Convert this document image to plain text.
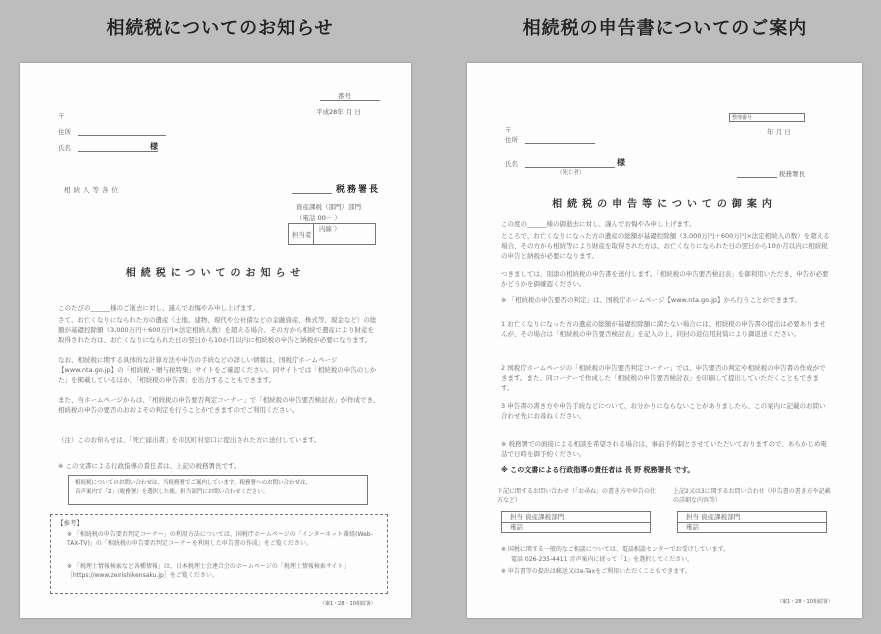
相続税についてのお知らせ	相続税の申告書についてのご案内
番号
平成28年 月 日
〒
住所
氏名	様
相続人等各位	税務署長
資産課税（部門）部門
（電話 00－ ）
担当者
内線 ）
相続税についてのお知らせ
このたびの______様のご逝去に対し、謹んでお悔やみ申し上げます。
さて、お亡くなりになられた方の遺産（土地、建物、現代や公社債などの金融資産、株式等、現金など）の総額が基礎控除額（3,000万円＋600万円×法定相続人数）を超える場合、その方から相続で遺産により財産を取得された方は、お亡くなりになられた日の翌日から10か月以内に相続税の申告と納税が必要になります。
なお、相続税に関する具体的な計算方法や申告の手続などの詳しい情報は、国税庁ホームページ【www.nta.go.jp】の「相続税・贈与税特集」サイトをご確認ください。同サイトでは「相続税の申告のしかた」を掲載しているほか、「相続税の申告書」を出力することもできます。
また、当ホームページからは、「相続税の申告要否判定コーナー」で「相続税の申告要否検討表」が作成でき、相続税の申告の要否のおおよその判定を行うことができますのでご利用ください。
（注）このお知らせは、「死亡届出書」を市区町村窓口に提出された方に送付しています。
※ この文書による行政指導の責任者は、上記の税務署長です。
相続税についてのお問い合わせは、当税務署でご案内しています。税務署へのお問い合わせは、
音声案内で「2」（税務署）を選択した後、担当部門にお問い合わせください。
【参考】
※ 「相続税の申告要否判定コーナー」の利用方法については、国税庁ホームページの「インターネット番組(Web-TAX-TV)」の「相続税の申告要否判定コーナーを利用した申告書の作成」をご覧ください。
※ 「税理士情報検索など各種情報」は、日本税理士会連合会のホームページの「税理士情報検索サイト」［https://www.zeirishikensaku.jp］をご覧ください。
（案1・28・10相続署）
整理番号
年 月 日
〒
住所
氏名	様
（死亡者）	税務署長
相続税の申告等についての御案内
この度の______様の御逝去に対し、謹んでお悔やみ申し上げます。
ところで、お亡くなりになった方の遺産の総額が基礎控除額（3,000万円＋600万円×法定相続人の数）を超える場合、その方から相続等により財産を取得された方は、お亡くなりになられた日の翌日から10か月以内に相続税の申告と納税が必要になります。
つきましては、別添の相続税の申告書を送付します。「相続税の申告要否検討表」を御利用いただき、申告が必要かどうかを御確認ください。
※ 「相続税の申告要否の判定」は、国税庁ホームページ【www.nta.go.jp】から行うことができます。
1 お亡くなりになった方の遺産の総額が基礎控除額に満たない場合には、相続税の申告書の提出は必要ありませんが、その場合は「相続税の申告要否検討表」を記入の上、同封の返信用封筒により御返送ください。
2 国税庁ホームページの「相続税の申告要否判定コーナー」では、申告要否の判定や相続税の申告書の作成ができます。また、同コーナーで作成した「相続税の申告要否検討表」を印刷して提出していただくこともできます。
3 申告書の書き方や申告手続などについて、お分かりにならないことがありましたら、この案内に記載のお問い合わせ先にお尋ねください。
※ 税務署での面接による相談を希望される場合は、事前予約制とさせていただいておりますので、あらかじめ電話で日時を御予約ください。
※ この文書による行政指導の責任者は 長 野 税務署長 です。
下記に関するお問い合わせ（「お尋ね」の書き方や申告の仕方など）
上記2又は3に関するお問い合わせ（申告書の書き方や記載の詳細な内容等）
担当 資産課税部門
電話
担当 資産課税部門
電話
※ 国税に関する一般的なご相談については、電話相談センターでお受けしています。
電話 026-235-4411 音声案内に従って「1」を選択してください。
※ 申告書等の提出は郵送又はe-Taxをご利用いただくこともできます。
（案1・28・10相続署）
